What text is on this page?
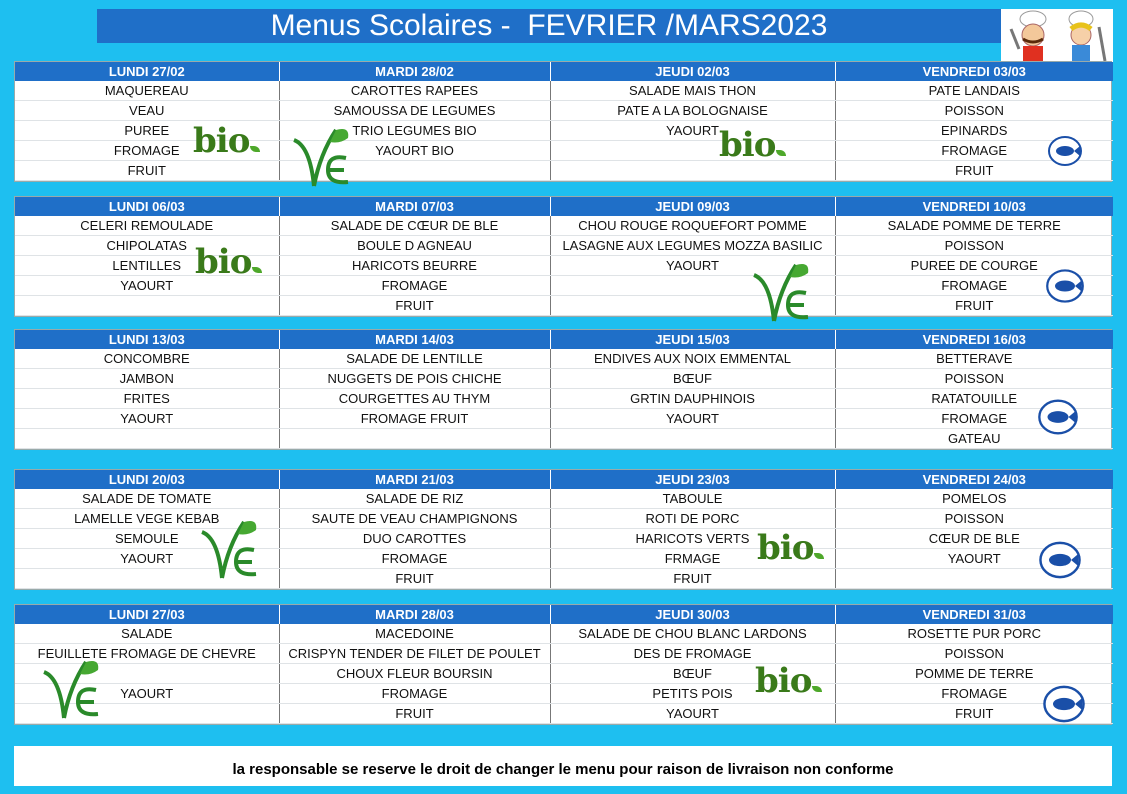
Menus Scolaires -  FEVRIER /MARS2023
LUNDI 27/02	MARDI 28/02	JEUDI 02/03	VENDREDI 03/03
MAQUEREAU	CAROTTES RAPEES	SALADE MAIS THON	PATE LANDAIS
VEAU	SAMOUSSA DE LEGUMES	PATE A LA BOLOGNAISE	POISSON
PUREE	TRIO LEGUMES BIO	YAOURT	EPINARDS
FROMAGE	YAOURT BIO		FROMAGE
FRUIT			FRUIT
LUNDI 06/03	MARDI 07/03	JEUDI 09/03	VENDREDI 10/03
CELERI REMOULADE	SALADE DE CŒUR DE BLE	CHOU ROUGE ROQUEFORT POMME	SALADE POMME DE TERRE
CHIPOLATAS	BOULE D AGNEAU	LASAGNE AUX LEGUMES MOZZA BASILIC	POISSON
LENTILLES	HARICOTS BEURRE	YAOURT	PUREE DE COURGE
YAOURT	FROMAGE		FROMAGE
	FRUIT		FRUIT
LUNDI 13/03	MARDI 14/03	JEUDI 15/03	VENDREDI 16/03
CONCOMBRE	SALADE DE LENTILLE	ENDIVES AUX NOIX EMMENTAL	BETTERAVE
JAMBON	NUGGETS DE POIS CHICHE	BŒUF	POISSON
FRITES	COURGETTES AU THYM	GRTIN DAUPHINOIS	RATATOUILLE
YAOURT	FROMAGE FRUIT	YAOURT	FROMAGE
			GATEAU
LUNDI 20/03	MARDI 21/03	JEUDI 23/03	VENDREDI 24/03
SALADE DE TOMATE	SALADE DE RIZ	TABOULE	POMELOS
LAMELLE VEGE KEBAB	SAUTE DE VEAU CHAMPIGNONS	ROTI DE PORC	POISSON
SEMOULE	DUO CAROTTES	HARICOTS VERTS	CŒUR DE BLE
YAOURT	FROMAGE	FRMAGE	YAOURT
	FRUIT	FRUIT	
LUNDI 27/03	MARDI 28/03	JEUDI 30/03	VENDREDI 31/03
SALADE	MACEDOINE	SALADE DE CHOU BLANC LARDONS	ROSETTE PUR PORC
FEUILLETE FROMAGE DE CHEVRE	CRISPYN TENDER DE FILET DE POULET	DES DE FROMAGE	POISSON
	CHOUX FLEUR BOURSIN	BŒUF	POMME DE TERRE
YAOURT	FROMAGE	PETITS POIS	FROMAGE
	FRUIT	YAOURT	FRUIT
bio	bio
bio
bio
bio
la responsable se reserve le droit de changer le menu pour raison de livraison non conforme
